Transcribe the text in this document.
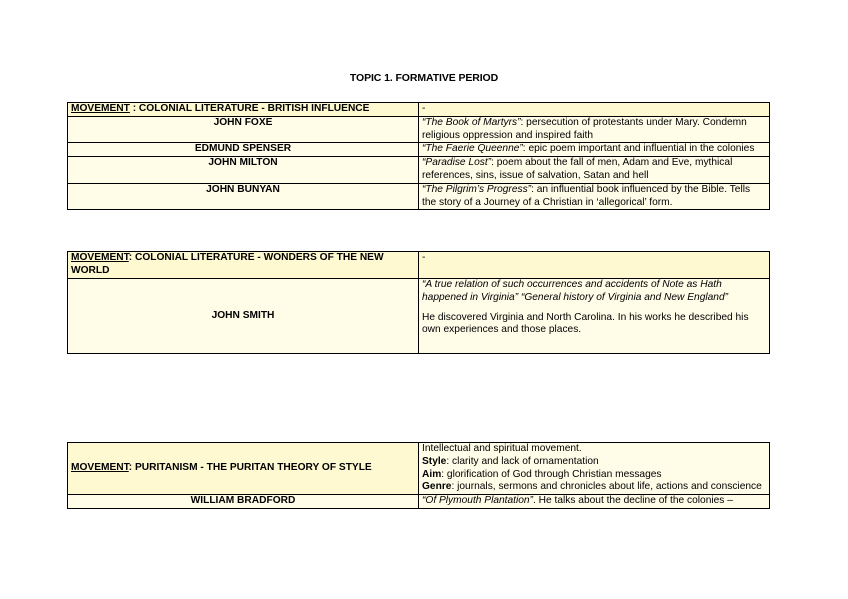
TOPIC 1. FORMATIVE PERIOD
MOVEMENT : COLONIAL LITERATURE - BRITISH INFLUENCE	-
JOHN FOXE	“The Book of Martyrs”: persecution of protestants under Mary. Condemn religious oppression and inspired faith
EDMUND SPENSER	“The Faerie Queenne”: epic poem important and influential in the colonies
JOHN MILTON	“Paradise Lost”: poem about the fall of men, Adam and Eve, mythical references, sins, issue of salvation, Satan and hell
JOHN BUNYAN	“The Pilgrim’s Progress”: an influential book influenced by the Bible. Tells the story of a Journey of a Christian in ‘allegorical’ form.
MOVEMENT: COLONIAL LITERATURE - WONDERS OF THE NEW WORLD	-
JOHN SMITH	“A true relation of such occurrences and accidents of Note as Hath happened in Virginia” “General history of Virginia and New England”
He discovered Virginia and North Carolina. In his works he described his own experiences and those places.
MOVEMENT: PURITANISM - THE PURITAN THEORY OF STYLE	Intellectual and spiritual movement.
Style: clarity and lack of ornamentation
Aim: glorification of God through Christian messages
Genre: journals, sermons and chronicles about life, actions and conscience

WILLIAM BRADFORD	“Of Plymouth Plantation”. He talks about the decline of the colonies –
